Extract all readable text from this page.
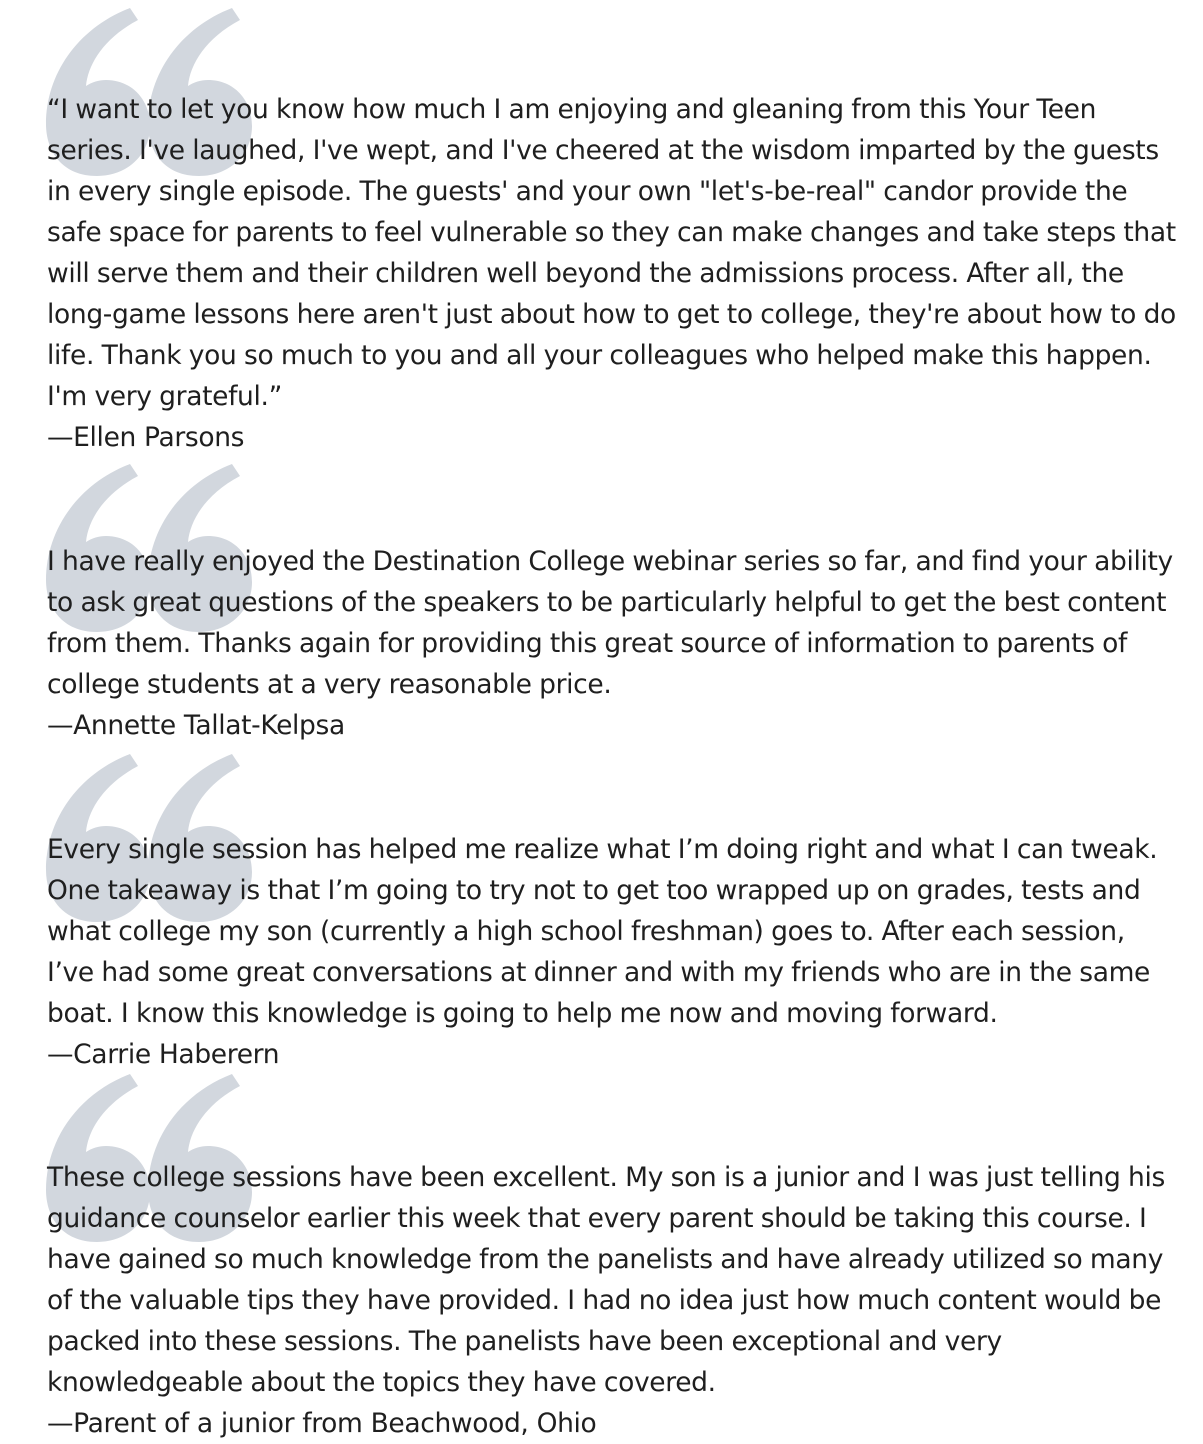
“I want to let you know how much I am enjoying and gleaning from this Your Teen series. I've laughed, I've wept, and I've cheered at the wisdom imparted by the guests in every single episode. The guests' and your own "let's-be-real" candor provide the safe space for parents to feel vulnerable so they can make changes and take steps that will serve them and their children well beyond the admissions process. After all, the long-game lessons here aren't just about how to get to college, they're about how to do life. Thank you so much to you and all your colleagues who helped make this happen. I'm very grateful.”

—Ellen Parsons

I have really enjoyed the Destination College webinar series so far, and find your ability to ask great questions of the speakers to be particularly helpful to get the best content from them. Thanks again for providing this great source of information to parents of college students at a very reasonable price.

—Annette Tallat-Kelpsa

Every single session has helped me realize what I’m doing right and what I can tweak. One takeaway is that I’m going to try not to get too wrapped up on grades, tests and what college my son (currently a high school freshman) goes to. After each session, I’ve had some great conversations at dinner and with my friends who are in the same boat. I know this knowledge is going to help me now and moving forward.

—Carrie Haberern

These college sessions have been excellent. My son is a junior and I was just telling his guidance counselor earlier this week that every parent should be taking this course. I have gained so much knowledge from the panelists and have already utilized so many of the valuable tips they have provided. I had no idea just how much content would be packed into these sessions. The panelists have been exceptional and very knowledgeable about the topics they have covered.

—Parent of a junior from Beachwood, Ohio
